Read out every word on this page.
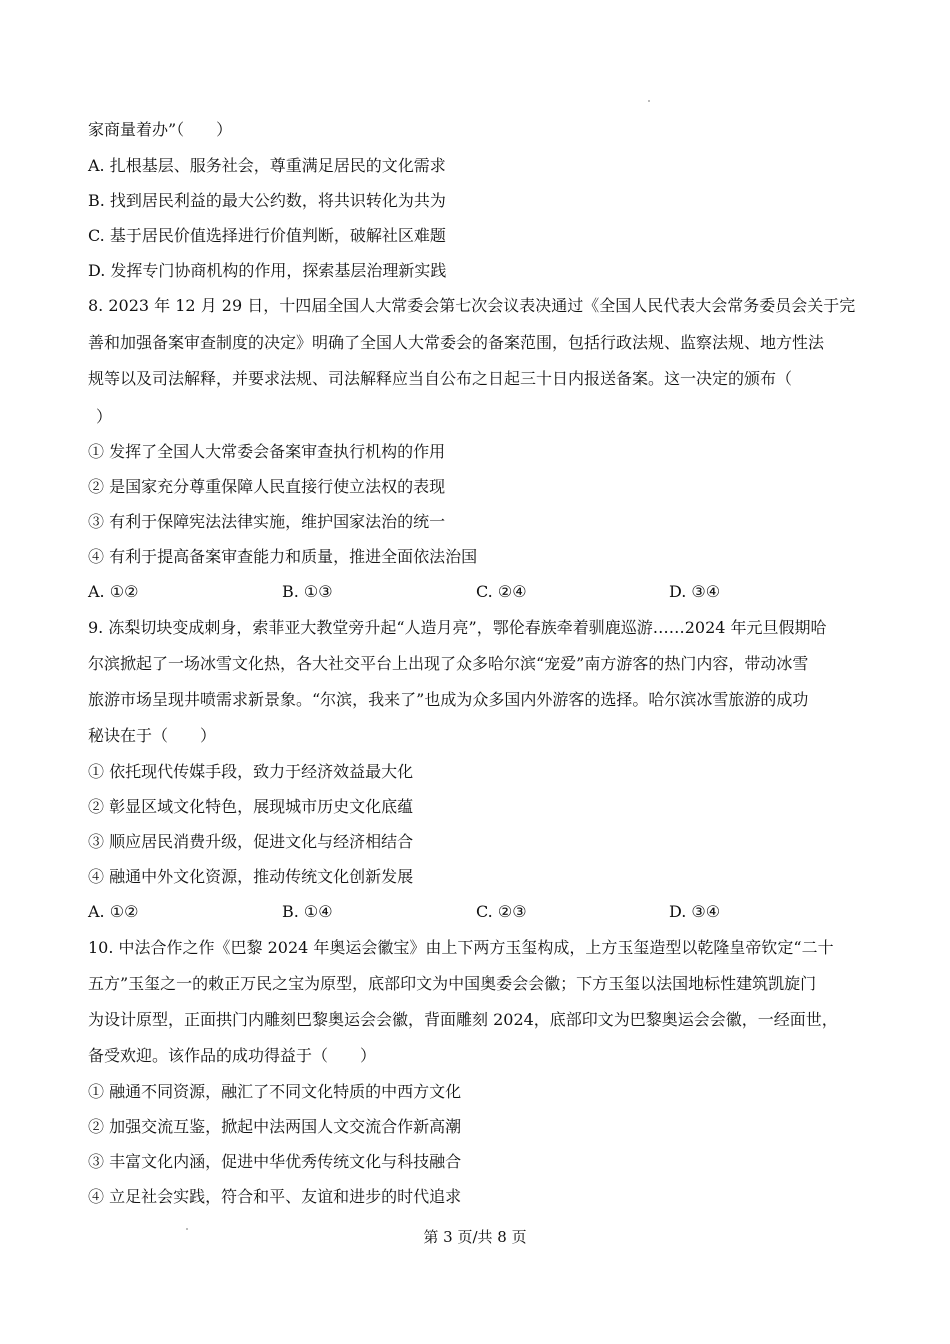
家商量着办”（　　）
A. 扎根基层、服务社会，尊重满足居民的文化需求
B. 找到居民利益的最大公约数，将共识转化为共为
C. 基于居民价值选择进行价值判断，破解社区难题
D. 发挥专门协商机构的作用，探索基层治理新实践
8. 2023 年 12 月 29 日，十四届全国人大常委会第七次会议表决通过《全国人民代表大会常务委员会关于完
善和加强备案审查制度的决定》明确了全国人大常委会的备案范围，包括行政法规、监察法规、地方性法
规等以及司法解释，并要求法规、司法解释应当自公布之日起三十日内报送备案。这一决定的颁布（
）
① 发挥了全国人大常委会备案审查执行机构的作用
② 是国家充分尊重保障人民直接行使立法权的表现
③ 有利于保障宪法法律实施，维护国家法治的统一
④ 有利于提高备案审查能力和质量，推进全面依法治国
A. ①②	B. ①③	C. ②④	D. ③④
9. 冻梨切块变成刺身，索菲亚大教堂旁升起“人造月亮”，鄂伦春族牵着驯鹿巡游……2024 年元旦假期哈
尔滨掀起了一场冰雪文化热，各大社交平台上出现了众多哈尔滨“宠爱”南方游客的热门内容，带动冰雪
旅游市场呈现井喷需求新景象。“尔滨，我来了”也成为众多国内外游客的选择。哈尔滨冰雪旅游的成功
秘诀在于（　　）
① 依托现代传媒手段，致力于经济效益最大化
② 彰显区域文化特色，展现城市历史文化底蕴
③ 顺应居民消费升级，促进文化与经济相结合
④ 融通中外文化资源，推动传统文化创新发展
A. ①②	B. ①④	C. ②③	D. ③④
10. 中法合作之作《巴黎 2024 年奥运会徽宝》由上下两方玉玺构成，上方玉玺造型以乾隆皇帝钦定“二十
五方”玉玺之一的敕正万民之宝为原型，底部印文为中国奥委会会徽；下方玉玺以法国地标性建筑凯旋门
为设计原型，正面拱门内雕刻巴黎奥运会会徽，背面雕刻 2024，底部印文为巴黎奥运会会徽，一经面世，
备受欢迎。该作品的成功得益于（　　）
① 融通不同资源，融汇了不同文化特质的中西方文化
② 加强交流互鉴，掀起中法两国人文交流合作新高潮
③ 丰富文化内涵，促进中华优秀传统文化与科技融合
④ 立足社会实践，符合和平、友谊和进步的时代追求
第 3 页/共 8 页
